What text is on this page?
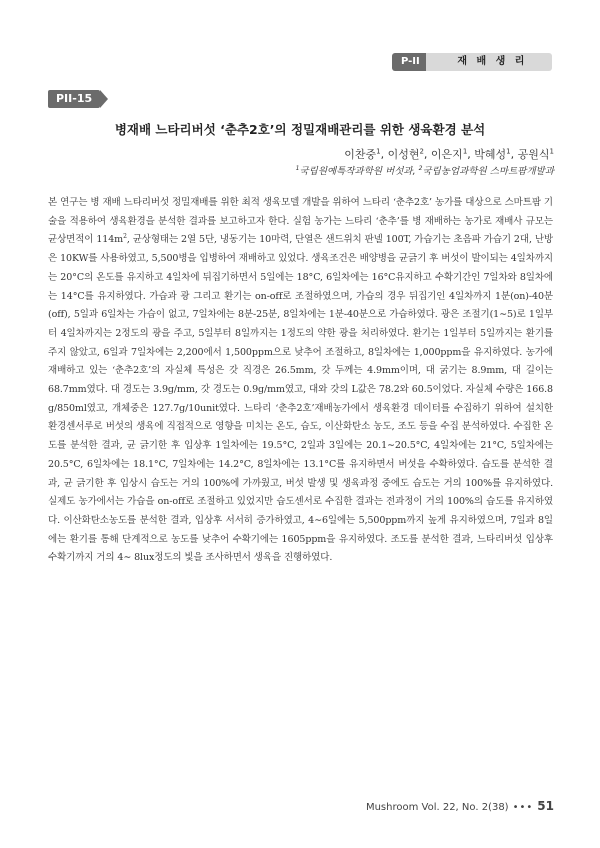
P-II	재 배 생 리
PII-15
병재배 느타리버섯 ‘춘추2호’의 정밀재배관리를 위한 생육환경 분석
이찬중$^1$, 이성현$^2$, 이은지$^1$, 박혜성$^1$, 공원식$^1$
$^1$국립원예특작과학원 버섯과, $^2$국립농업과학원 스마트팜개발과
본 연구는 병 재배 느타리버섯 정밀재배를 위한 최적 생육모델 개발을 위하여 느타리 ‘춘추2호’ 농가를 대상으로 스마트팜 기술을 적용하여 생육환경을 분석한 결과를 보고하고자 한다. 실험 농가는 느타리 ‘춘추’를 병 재배하는 농가로 재배사 규모는 균상면적이 $114m^2$, 균상형태는 2열 5단, 냉동기는 10마력, 단열은 샌드위치 판넬 100T, 가습기는 초음파 가습기 2대, 난방은 10KW를 사용하였고, 5,500병을 입병하여 재배하고 있었다. 생육조건은 배양병을 균긁기 후 버섯이 발이되는 4일차까지는 20°C의 온도를 유지하고 4일차에 뒤집기하면서 5일에는 18°C, 6일차에는 16°C유지하고 수확기간인 7일차와 8일차에는 14°C를 유지하였다. 가습과 광 그리고 환기는 on-off로 조절하였으며, 가습의 경우 뒤집기인 4일차까지 1분(on)-40분(off), 5일과 6일차는 가습이 없고, 7일차에는 8분-25분, 8일차에는 1분-40분으로 가습하였다. 광은 조절기(1∼5)로 1일부터 4일차까지는 2정도의 광을 주고, 5일부터 8일까지는 1정도의 약한 광을 처리하였다. 환기는 1일부터 5일까지는 환기를 주지 않았고, 6일과 7일차에는 2,200에서 1,500ppm으로 낮추어 조절하고, 8일차에는 1,000ppm을 유지하였다. 농가에 재배하고 있는 ‘춘추2호’의 자실체 특성은 갓 직경은 26.5mm, 갓 두께는 4.9mm이며, 대 굵기는 8.9mm, 대 길이는 68.7mm였다. 대 경도는 3.9g/mm, 갓 경도는 0.9g/mm였고, 대와 갓의 L값은 78.2와 60.5이었다. 자실체 수량은 166.8 g/850ml였고, 개체중은 127.7g/10unit였다. 느타리 ‘춘추2호’재배농가에서 생육환경 데이터를 수집하기 위하여 설치한 환경센서루로 버섯의 생육에 직접적으로 영향을 미치는 온도, 습도, 이산화탄소 농도, 조도 등을 수집 분석하였다. 수집한 온도를 분석한 결과, 균 긁기한 후 입상후 1일차에는 19.5°C, 2일과 3일에는 20.1∼20.5°C, 4일차에는 21°C, 5일차에는 20.5°C, 6일차에는 18.1°C, 7일차에는 14.2°C, 8일차에는 13.1°C를 유지하면서 버섯을 수확하였다. 습도를 분석한 결과, 균 긁기한 후 입상시 습도는 거의 100%에 가까웠고, 버섯 발생 및 생육과정 중에도 습도는 거의 100%를 유지하였다. 실제도 농가에서는 가습을 on-off로 조절하고 있었지만 습도센서로 수집한 결과는 전과정이 거의 100%의 습도를 유지하였다. 이산화탄소농도를 분석한 결과, 입상후 서서히 증가하였고, 4∼6일에는 5,500ppm까지 높게 유지하였으며, 7일과 8일에는 환기를 통해 단계적으로 농도를 낮추어 수확기에는 1605ppm을 유지하였다. 조도를 분석한 결과, 느타리버섯 입상후 수확기까지 거의 4∼ 8lux정도의 빛을 조사하면서 생육을 진행하였다.
Mushroom Vol. 22, No. 2(38) ••• 51
